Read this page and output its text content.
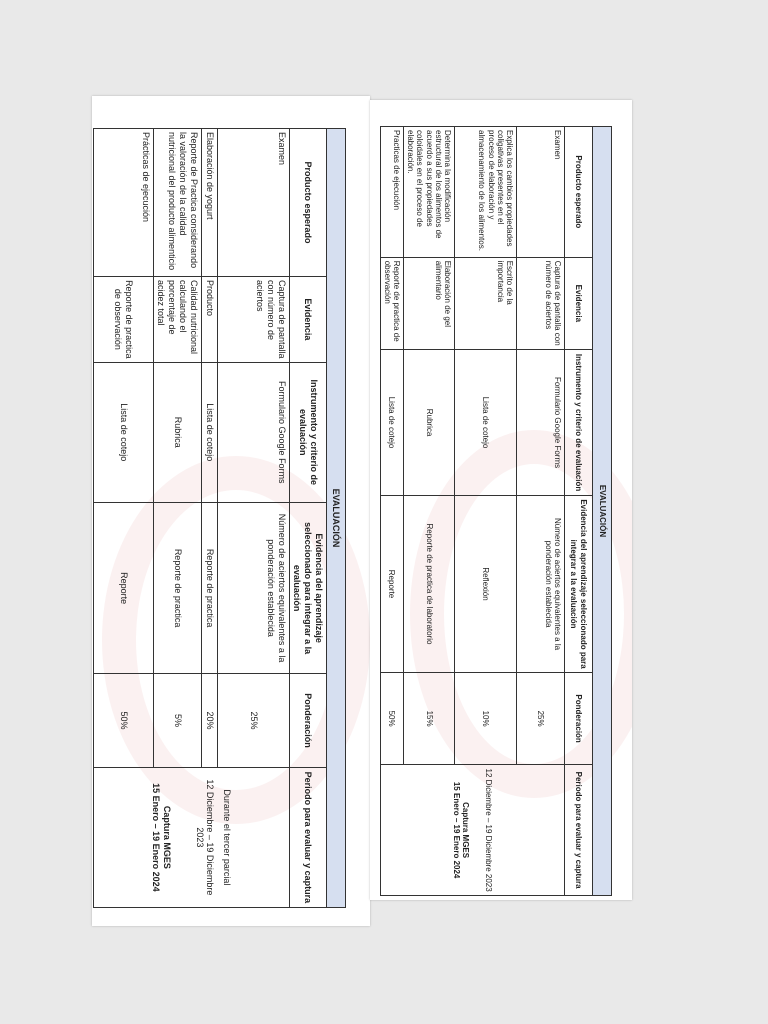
EVALUACIÓN					
Producto esperado	Evidencia	Instrumento y criterio de evaluación	Evidencia del aprendizaje seleccionado para integrar a la evaluación	Ponderación	Periodo para evaluar y captura
Examen	Captura de pantalla con número de aciertos	Formulario Google Forms	Número de aciertos equivalentes a la ponderación establecida	25%	Durante el tercer parcial
12 Diciembre – 19 Diciembre 2023
Captura MGES
15 Enero – 19 Enero 2024

Elaboración de yogurt	Producto	Lista de cotejo	Reporte de practica	20%	
Reporte de Practica considerando la valoración de la calidad nutricional del producto alimenticio	Calidad nutricional calculando el porcentaje de acidez total	Rubrica	Reporte de practica	5%	
Prácticas de ejecución	Reporte de practica de observación	Lista de cotejo	Reporte	50%	
EVALUACIÓN					
Producto esperado	Evidencia	Instrumento y criterio de evaluación	Evidencia del aprendizaje seleccionado para integrar a la evaluación	Ponderación	Periodo para evaluar y captura
Examen	Captura de pantalla con número de aciertos	Formulario Google Forms	Número de aciertos equivalentes a la ponderación establecida	25%	12 Diciembre – 19 Diciembre 2023
Captura MGES
15 Enero – 19 Enero 2024

Explica los cambios propiedades coligativas presentes en el proceso de elaboración y almacenamiento de los alimentos.	Escrito de la importancia	Lista de cotejo	Reflexión	10%	
Determina la modificación estructural de los alimentos de acuerdo a sus propiedades coloidales en el proceso de elaboración.	Elaboración de gel alimentario	Rubrica	Reporte de practica de laboratorio	15%	
Practicas de ejecución	Reporte de practica de observación	Lista de cotejo	Reporte	50%	
